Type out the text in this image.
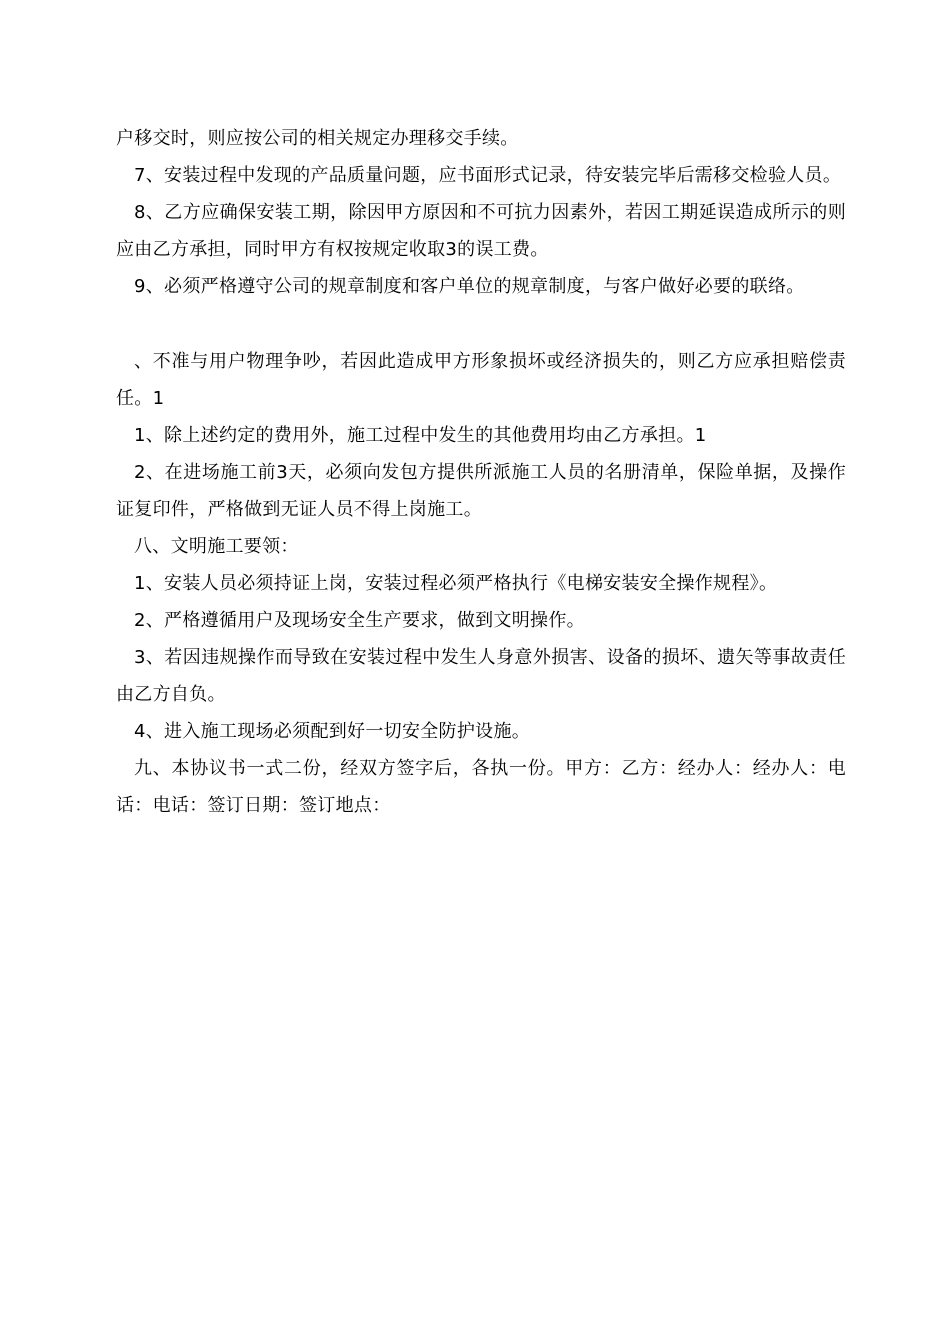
户移交时，则应按公司的相关规定办理移交手续。

7、安装过程中发现的产品质量问题，应书面形式记录，待安装完毕后需移交检验人员。

8、乙方应确保安装工期，除因甲方原因和不可抗力因素外，若因工期延误造成所示的则应由乙方承担，同时甲方有权按规定收取3的误工费。

9、必须严格遵守公司的规章制度和客户单位的规章制度，与客户做好必要的联络。

、不准与用户物理争吵，若因此造成甲方形象损坏或经济损失的，则乙方应承担赔偿责任。1

1、除上述约定的费用外，施工过程中发生的其他费用均由乙方承担。1

2、在进场施工前3天，必须向发包方提供所派施工人员的名册清单，保险单据，及操作证复印件，严格做到无证人员不得上岗施工。

八、文明施工要领：

1、安装人员必须持证上岗，安装过程必须严格执行《电梯安装安全操作规程》。

2、严格遵循用户及现场安全生产要求，做到文明操作。

3、若因违规操作而导致在安装过程中发生人身意外损害、设备的损坏、遗矢等事故责任由乙方自负。

4、进入施工现场必须配到好一切安全防护设施。

九、本协议书一式二份，经双方签字后，各执一份。甲方：乙方：经办人：经办人：电话：电话：签订日期：签订地点：
